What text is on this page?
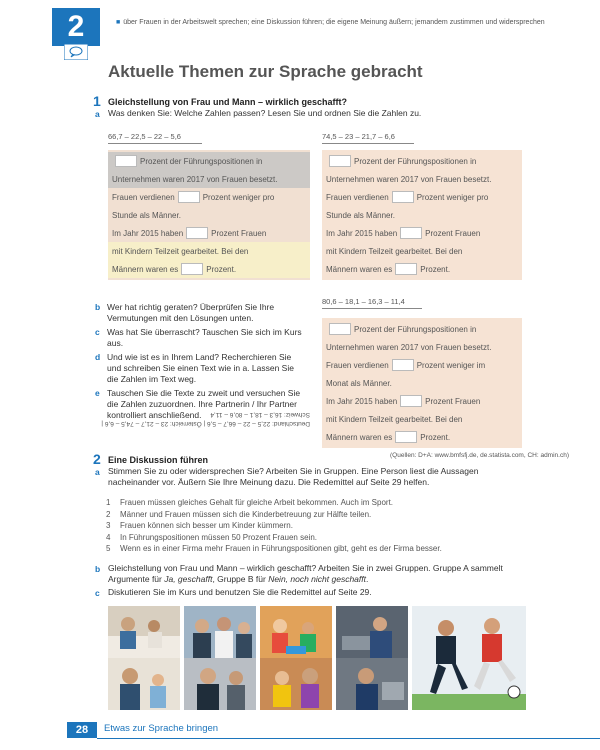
2	■ über Frauen in der Arbeitswelt sprechen; eine Diskussion führen; die eigene Meinung äußern; jemandem zustimmen und widersprechen
Aktuelle Themen zur Sprache gebracht
1 Gleichstellung von Frau und Mann – wirklich geschafft?
a Was denken Sie: Welche Zahlen passen? Lesen Sie und ordnen Sie die Zahlen zu.
66,7 – 22,5 – 22 – 5,6	74,5 – 23 – 21,7 – 6,6
80,6 – 18,1 – 16,3 – 11,4
Prozent der Führungspositionen in
Unternehmen waren 2017 von Frauen besetzt.
Frauen verdienen	Prozent weniger pro
Stunde als Männer.
Im Jahr 2015 haben	Prozent Frauen
mit Kindern Teilzeit gearbeitet. Bei den
Männern waren es	Prozent.
Prozent der Führungspositionen in
Unternehmen waren 2017 von Frauen besetzt.
Frauen verdienen	Prozent weniger pro
Stunde als Männer.
Im Jahr 2015 haben	Prozent Frauen
mit Kindern Teilzeit gearbeitet. Bei den
Männern waren es	Prozent.
Prozent der Führungspositionen in
Unternehmen waren 2017 von Frauen besetzt.
Frauen verdienen	Prozent weniger im
Monat als Männer.
Im Jahr 2015 haben	Prozent Frauen
mit Kindern Teilzeit gearbeitet. Bei den
Männern waren es	Prozent.
b Wer hat richtig geraten? Überprüfen Sie Ihre Vermutungen mit den Lösungen unten.
c Was hat Sie überrascht? Tauschen Sie sich im Kurs aus.
d Und wie ist es in Ihrem Land? Recherchieren Sie und schreiben Sie einen Text wie in a. Lassen Sie die Zahlen im Text weg.
e Tauschen Sie die Texte zu zweit und versuchen Sie die Zahlen zuzuordnen. Ihre Partnerin / Ihr Partner kontrolliert anschließend.
Deutschland: 22,5 – 22 – 66,7 – 5,6 | Österreich: 23 – 21,7 – 74,5 – 6,6 | Schweiz: 16,3 – 18,1 – 80,6 – 11,4
(Quellen: D+A: www.bmfsfj.de, de.statista.com, CH: admin.ch)
2 Eine Diskussion führen
a Stimmen Sie zu oder widersprechen Sie? Arbeiten Sie in Gruppen. Eine Person liest die Aussagen nacheinander vor. Äußern Sie Ihre Meinung dazu. Die Redemittel auf Seite 29 helfen.
1	Frauen müssen gleiches Gehalt für gleiche Arbeit bekommen. Auch im Sport.
2	Männer und Frauen müssen sich die Kinderbetreuung zur Hälfte teilen.
3	Frauen können sich besser um Kinder kümmern.
4	In Führungspositionen müssen 50 Prozent Frauen sein.
5	Wenn es in einer Firma mehr Frauen in Führungspositionen gibt, geht es der Firma besser.
b Gleichstellung von Frau und Mann – wirklich geschafft? Arbeiten Sie in zwei Gruppen. Gruppe A sammelt Argumente für Ja, geschafft, Gruppe B für Nein, noch nicht geschafft.
c Diskutieren Sie im Kurs und benutzen Sie die Redemittel auf Seite 29.
28	Etwas zur Sprache bringen
